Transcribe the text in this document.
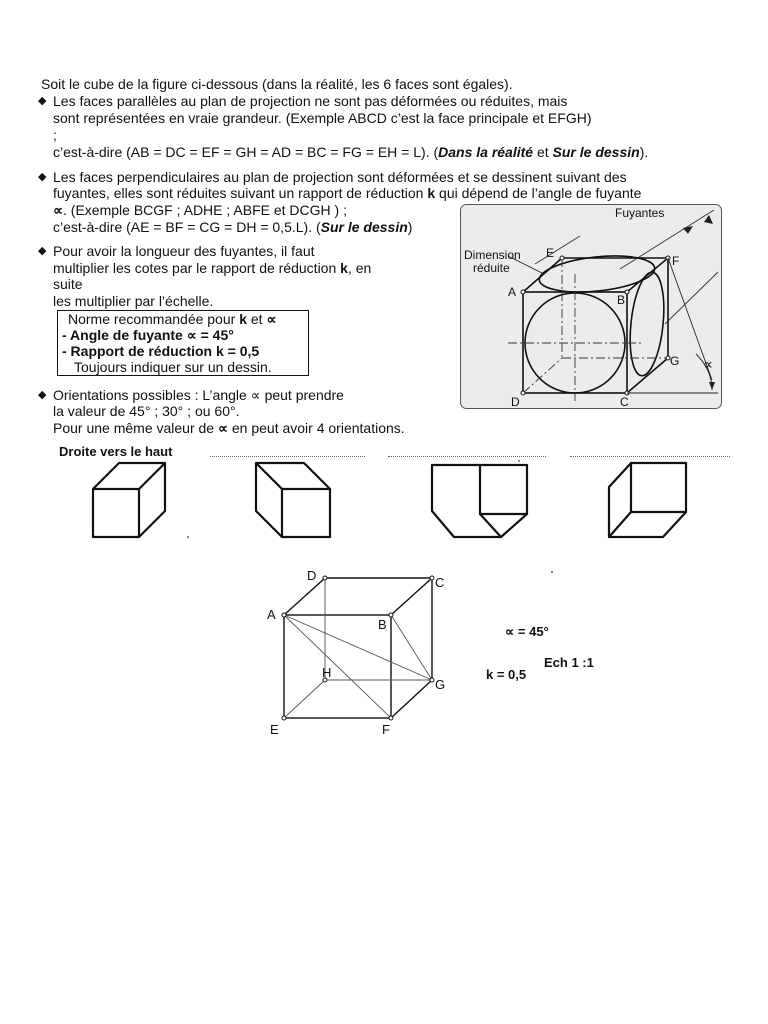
Soit le cube de la figure ci-dessous (dans la réalité, les 6 faces sont égales).
◆ Les faces parallèles au plan de projection ne sont pas déformées ou réduites, mais
sont représentées en vraie grandeur. (Exemple ABCD c’est la face principale et EFGH)
;
c’est-à-dire (AB = DC = EF = GH = AD = BC = FG = EH = L). (Dans la réalité et Sur le dessin).
◆ Les faces perpendiculaires au plan de projection sont déformées et se dessinent suivant des
fuyantes, elles sont réduites suivant un rapport de réduction k qui dépend de l’angle de fuyante
∝. (Exemple BCGF ; ADHE ; ABFE et DCGH ) ;
c’est-à-dire (AE = BF = CG = DH = 0,5.L). (Sur le dessin)
◆ Pour avoir la longueur des fuyantes, il faut
multiplier les cotes par le rapport de réduction k, en
suite
les multiplier par l’échelle.
Norme recommandée pour k et ∝
- Angle de fuyante ∝ = 45°
- Rapport de réduction k = 0,5
Toujours indiquer sur un dessin.
◆ Orientations possibles : L’angle ∝ peut prendre
la valeur de 45° ; 30° ; ou 60°.
Pour une même valeur de ∝ en peut avoir 4 orientations.
Droite vers le haut
Fuyantes
Dimension
réduite
∝
E
F
A
B
G
D	C
D	C
A
B
H
G
E	F
∝ = 45°
Ech 1 :1
k = 0,5
